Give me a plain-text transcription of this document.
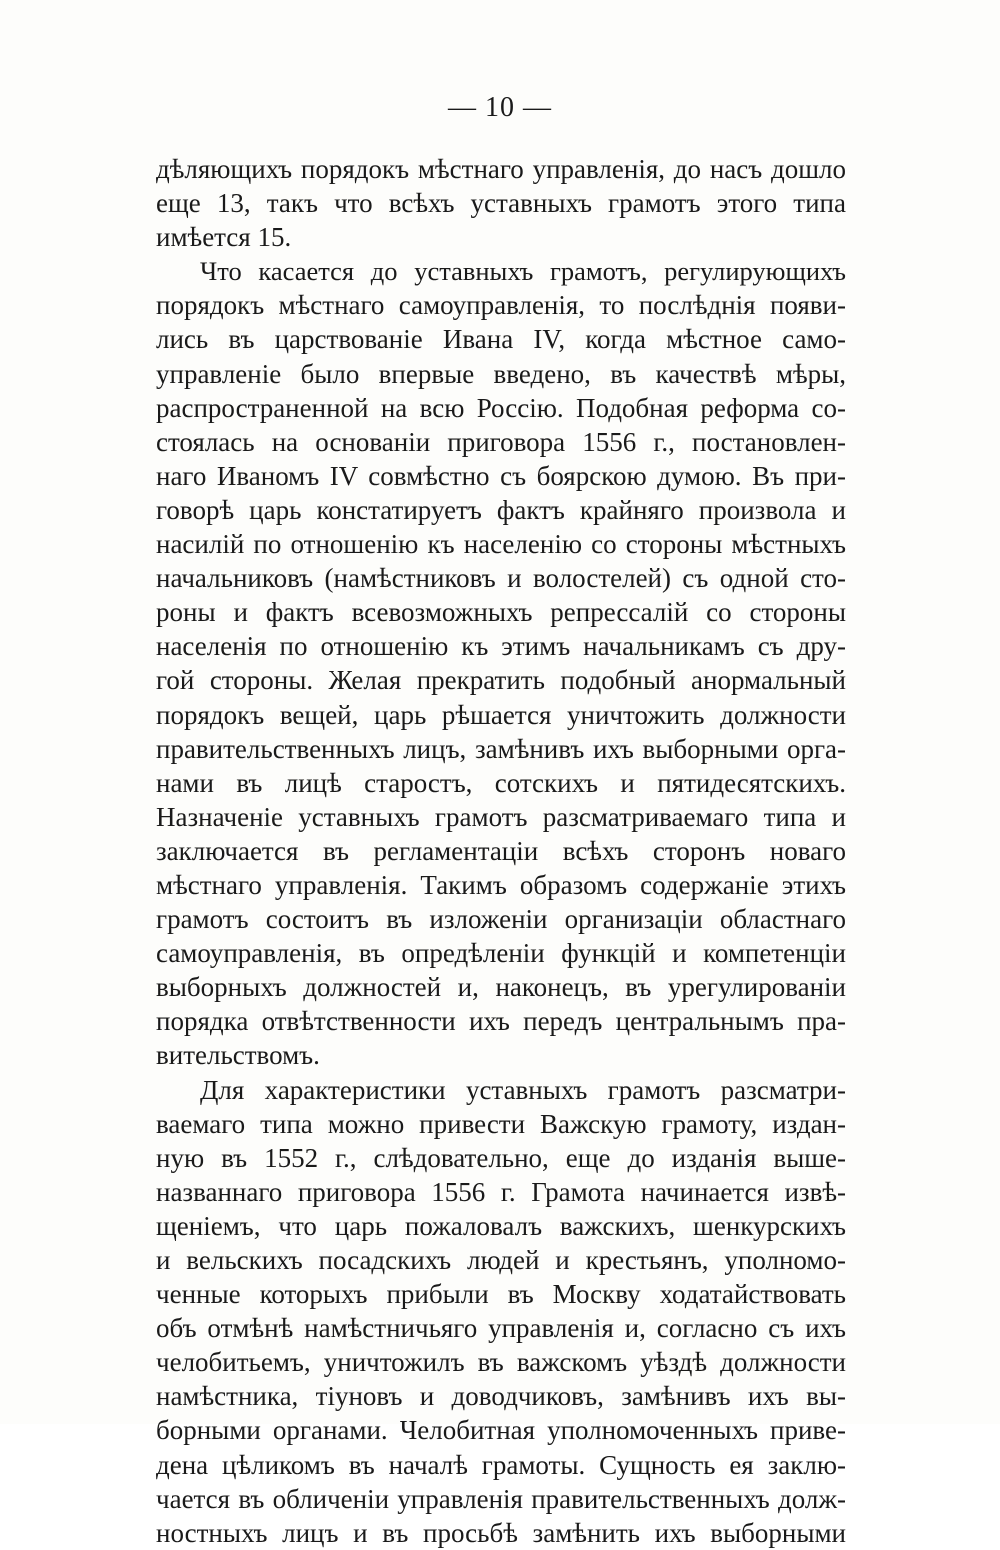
— 10 —
дѣляющихъ порядокъ мѣстнаго управленія, до насъ дошло
еще 13, такъ что всѣхъ уставныхъ грамотъ этого типа
имѣется 15.
Что касается до уставныхъ грамотъ, регулирующихъ
порядокъ мѣстнаго самоуправленія, то послѣднія появи-
лись въ царствованіе Ивана IV, когда мѣстное само-
управленіе было впервые введено, въ качествѣ мѣры,
распространенной на всю Россію. Подобная реформа со-
стоялась на основаніи приговора 1556 г., постановлен-
наго Иваномъ IV совмѣстно съ боярскою думою. Въ при-
говорѣ царь констатируетъ фактъ крайняго произвола и
насилій по отношенію къ населенію со стороны мѣстныхъ
начальниковъ (намѣстниковъ и волостелей) съ одной сто-
роны и фактъ всевозможныхъ репрессалій со стороны
населенія по отношенію къ этимъ начальникамъ съ дру-
гой стороны. Желая прекратить подобный анормальный
порядокъ вещей, царь рѣшается уничтожить должности
правительственныхъ лицъ, замѣнивъ ихъ выборными орга-
нами въ лицѣ старостъ, сотскихъ и пятидесятскихъ.
Назначеніе уставныхъ грамотъ разсматриваемаго типа и
заключается въ регламентаціи всѣхъ сторонъ новаго
мѣстнаго управленія. Такимъ образомъ содержаніе этихъ
грамотъ состоитъ въ изложеніи организаціи областнаго
самоуправленія, въ опредѣленіи функцій и компетенціи
выборныхъ должностей и, наконецъ, въ урегулированіи
порядка отвѣтственности ихъ передъ центральнымъ пра-
вительствомъ.
Для характеристики уставныхъ грамотъ разсматри-
ваемаго типа можно привести Важскую грамоту, издан-
ную въ 1552 г., слѣдовательно, еще до изданія выше-
названнаго приговора 1556 г. Грамота начинается извѣ-
щеніемъ, что царь пожаловалъ важскихъ, шенкурскихъ
и вельскихъ посадскихъ людей и крестьянъ, уполномо-
ченные которыхъ прибыли въ Москву ходатайствовать
объ отмѣнѣ намѣстничьяго управленія и, согласно съ ихъ
челобитьемъ, уничтожилъ въ важскомъ уѣздѣ должности
намѣстника, тіуновъ и доводчиковъ, замѣнивъ ихъ вы-
борными органами. Челобитная уполномоченныхъ приве-
дена цѣликомъ въ началѣ грамоты. Сущность ея заклю-
чается въ обличеніи управленія правительственныхъ долж-
ностныхъ лицъ и въ просьбѣ замѣнить ихъ выборными
